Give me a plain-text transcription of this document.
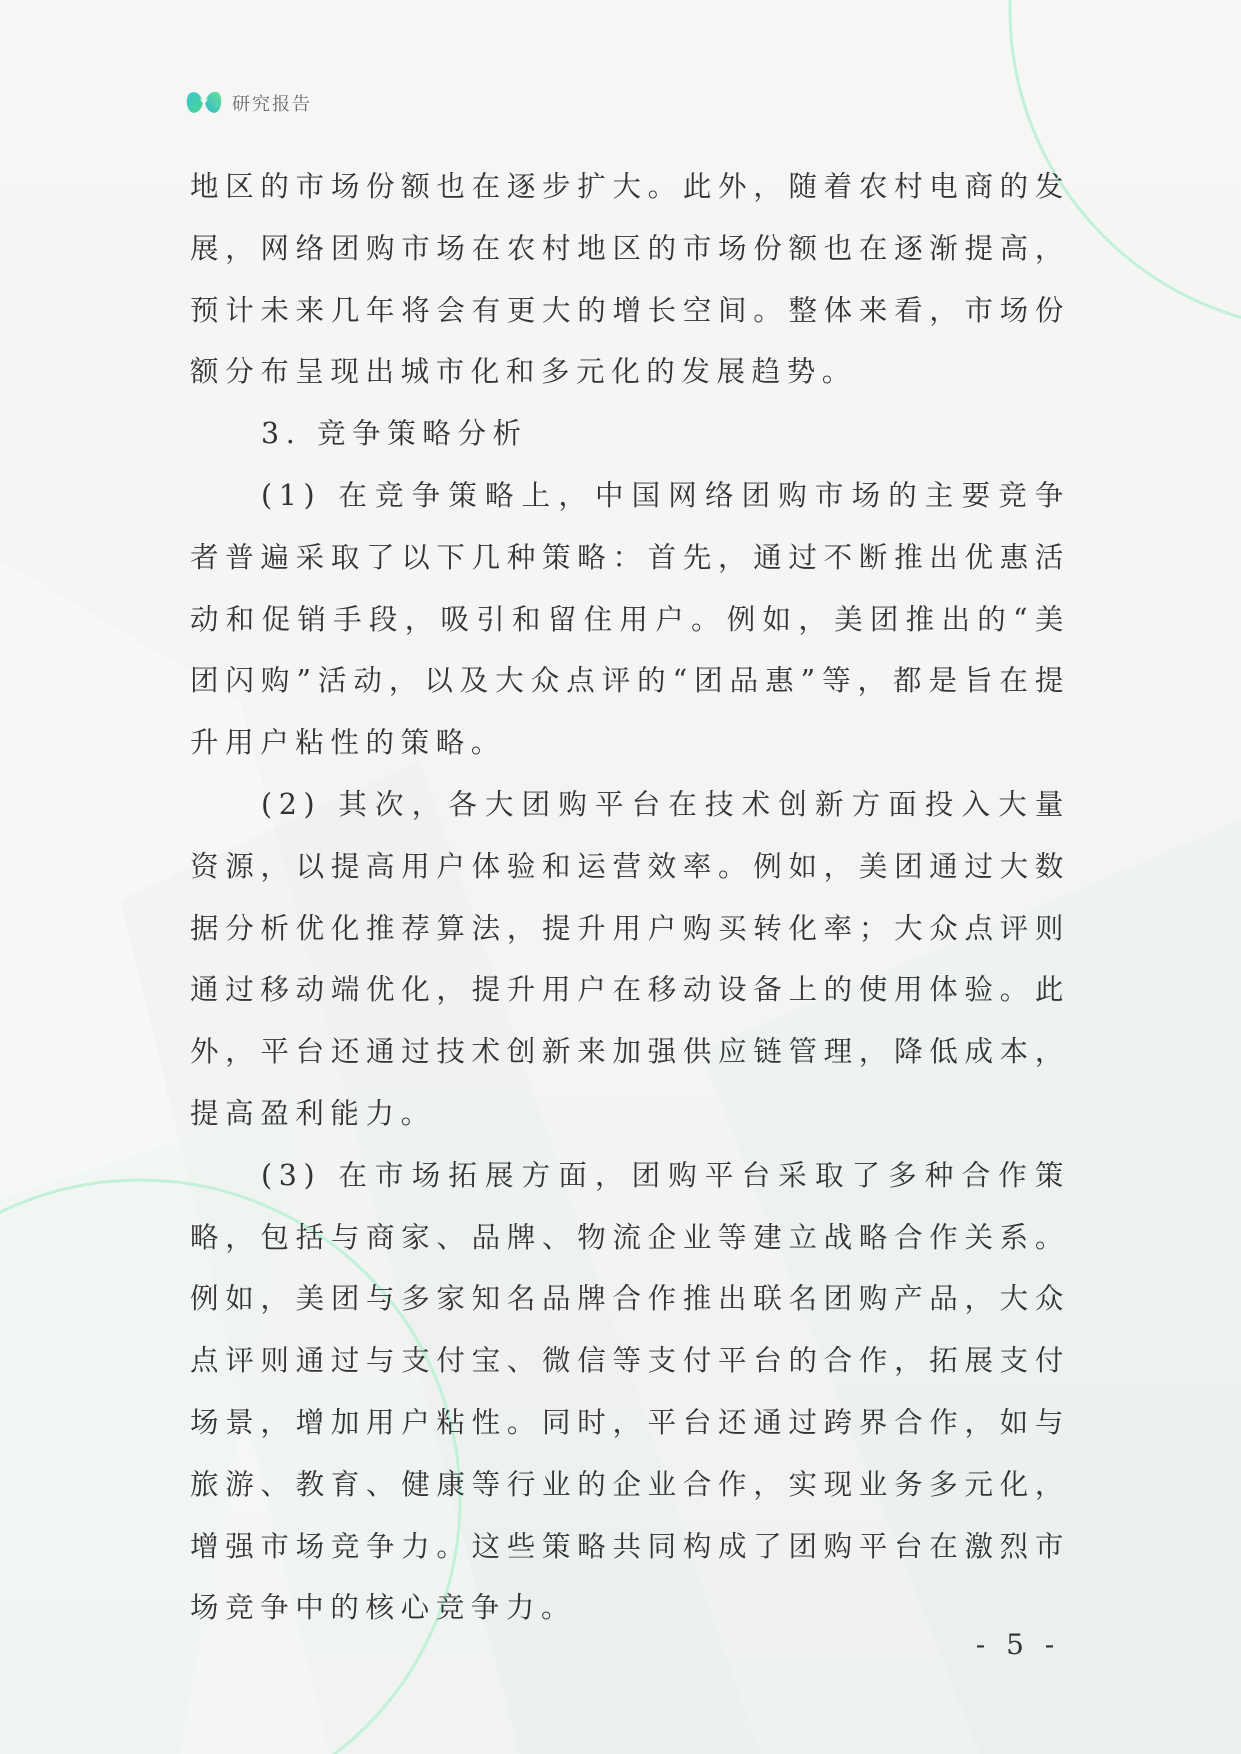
研究报告

地区的市场份额也在逐步扩大。此外，随着农村电商的发展，网络团购市场在农村地区的市场份额也在逐渐提高，预计未来几年将会有更大的增长空间。整体来看，市场份额分布呈现出城市化和多元化的发展趋势。

3. 竞争策略分析

(1) 在竞争策略上，中国网络团购市场的主要竞争者普遍采取了以下几种策略：首先，通过不断推出优惠活动和促销手段，吸引和留住用户。例如，美团推出的“美团闪购”活动，以及大众点评的“团品惠”等，都是旨在提升用户粘性的策略。

(2) 其次，各大团购平台在技术创新方面投入大量资源，以提高用户体验和运营效率。例如，美团通过大数据分析优化推荐算法，提升用户购买转化率；大众点评则通过移动端优化，提升用户在移动设备上的使用体验。此外，平台还通过技术创新来加强供应链管理，降低成本，提高盈利能力。

(3) 在市场拓展方面，团购平台采取了多种合作策略，包括与商家、品牌、物流企业等建立战略合作关系。例如，美团与多家知名品牌合作推出联名团购产品，大众点评则通过与支付宝、微信等支付平台的合作，拓展支付场景，增加用户粘性。同时，平台还通过跨界合作，如与旅游、教育、健康等行业的企业合作，实现业务多元化，增强市场竞争力。这些策略共同构成了团购平台在激烈市场竞争中的核心竞争力。

- 5 -
